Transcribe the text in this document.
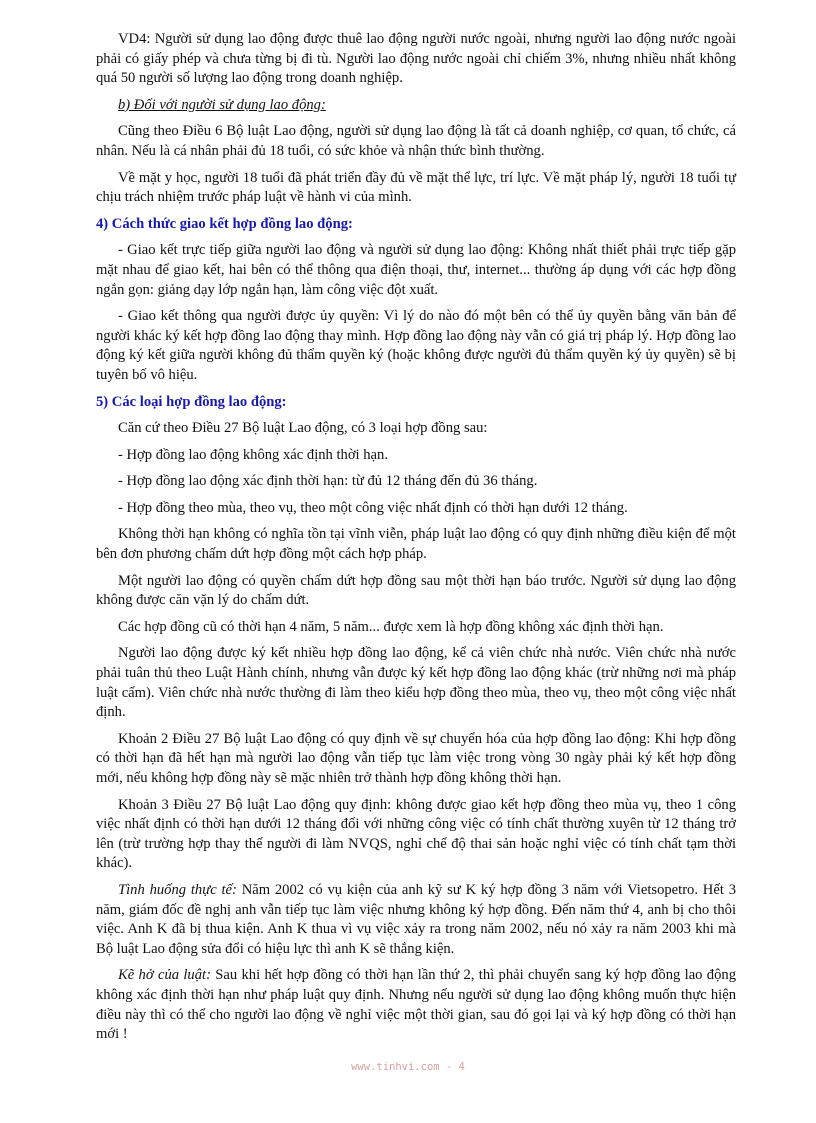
VD4: Người sử dụng lao động được thuê lao động người nước ngoài, nhưng người lao động nước ngoài phải có giấy phép và chưa từng bị đi tù. Người lao động nước ngoài chỉ chiếm 3%, nhưng nhiều nhất không quá 50 người số lượng lao động trong doanh nghiệp.

b) Đối với người sử dụng lao động:

Cũng theo Điều 6 Bộ luật Lao động, người sử dụng lao động là tất cả doanh nghiệp, cơ quan, tổ chức, cá nhân. Nếu là cá nhân phải đủ 18 tuổi, có sức khỏe và nhận thức bình thường.

Về mặt y học, người 18 tuổi đã phát triển đầy đủ về mặt thể lực, trí lực. Về mặt pháp lý, người 18 tuổi tự chịu trách nhiệm trước pháp luật về hành vi của mình.

4) Cách thức giao kết hợp đồng lao động:

- Giao kết trực tiếp giữa người lao động và người sử dụng lao động: Không nhất thiết phải trực tiếp gặp mặt nhau để giao kết, hai bên có thể thông qua điện thoại, thư, internet... thường áp dụng với các hợp đồng ngắn gọn: giảng dạy lớp ngắn hạn, làm công việc đột xuất.

- Giao kết thông qua người được ủy quyền: Vì lý do nào đó một bên có thể ủy quyền bằng văn bản để người khác ký kết hợp đồng lao động thay mình. Hợp đồng lao động này vẫn có giá trị pháp lý. Hợp đồng lao động ký kết giữa người không đủ thẩm quyền ký (hoặc không được người đủ thẩm quyền ký ủy quyền) sẽ bị tuyên bố vô hiệu.

5) Các loại hợp đồng lao động:

Căn cứ theo Điều 27 Bộ luật Lao động, có 3 loại hợp đồng sau:

- Hợp đồng lao động không xác định thời hạn.

- Hợp đồng lao động xác định thời hạn: từ đủ 12 tháng đến đủ 36 tháng.

- Hợp đồng theo mùa, theo vụ, theo một công việc nhất định có thời hạn dưới 12 tháng.

Không thời hạn không có nghĩa tồn tại vĩnh viễn, pháp luật lao động có quy định những điều kiện để một bên đơn phương chấm dứt hợp đồng một cách hợp pháp.

Một người lao động có quyền chấm dứt hợp đồng sau một thời hạn báo trước. Người sử dụng lao động không được căn vặn lý do chấm dứt.

Các hợp đồng cũ có thời hạn 4 năm, 5 năm... được xem là hợp đồng không xác định thời hạn.

Người lao động được ký kết nhiều hợp đồng lao động, kể cả viên chức nhà nước. Viên chức nhà nước phải tuân thủ theo Luật Hành chính, nhưng vẫn được ký kết hợp đồng lao động khác (trừ những nơi mà pháp luật cấm). Viên chức nhà nước thường đi làm theo kiểu hợp đồng theo mùa, theo vụ, theo một công việc nhất định.

Khoản 2 Điều 27 Bộ luật Lao động có quy định về sự chuyển hóa của hợp đồng lao động: Khi hợp đồng có thời hạn đã hết hạn mà người lao động vẫn tiếp tục làm việc trong vòng 30 ngày phải ký kết hợp đồng mới, nếu không hợp đồng này sẽ mặc nhiên trở thành hợp đồng không thời hạn.

Khoản 3 Điều 27 Bộ luật Lao động quy định: không được giao kết hợp đồng theo mùa vụ, theo 1 công việc nhất định có thời hạn dưới 12 tháng đối với những công việc có tính chất thường xuyên từ 12 tháng trở lên (trừ trường hợp thay thế người đi làm NVQS, nghỉ chế độ thai sản hoặc nghỉ việc có tính chất tạm thời khác).

Tình huống thực tế: Năm 2002 có vụ kiện của anh kỹ sư K ký hợp đồng 3 năm với Vietsopetro. Hết 3 năm, giám đốc đề nghị anh vẫn tiếp tục làm việc nhưng không ký hợp đồng. Đến năm thứ 4, anh bị cho thôi việc. Anh K đã bị thua kiện. Anh K thua vì vụ việc xảy ra trong năm 2002, nếu nó xảy ra năm 2003 khi mà Bộ luật Lao động sửa đổi có hiệu lực thì anh K sẽ thắng kiện.

Kẽ hở của luật: Sau khi hết hợp đồng có thời hạn lần thứ 2, thì phải chuyển sang ký hợp đồng lao động không xác định thời hạn như pháp luật quy định. Nhưng nếu người sử dụng lao động không muốn thực hiện điều này thì có thể cho người lao động về nghỉ việc một thời gian, sau đó gọi lại và ký hợp đồng có thời hạn mới !

www.tinhvi.com - 4
